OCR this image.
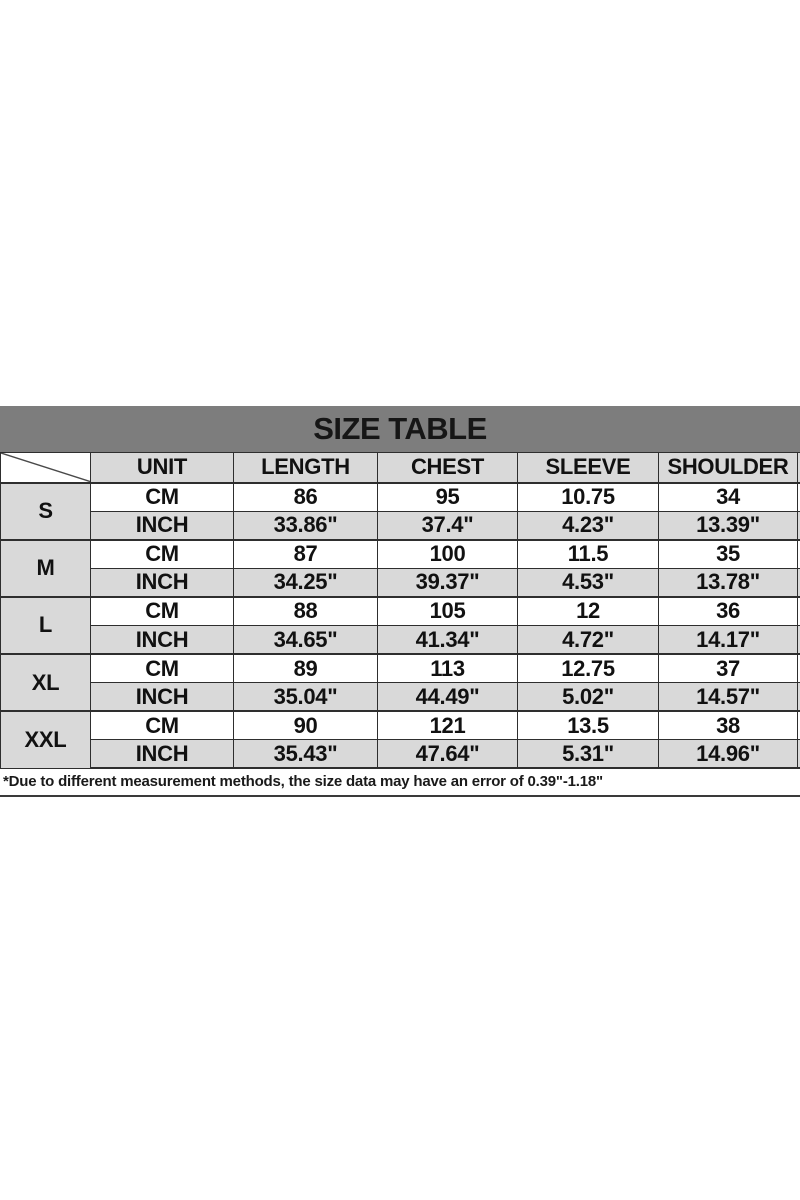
SIZE TABLE
	UNIT	LENGTH	CHEST	SLEEVE	SHOULDER	
S	CM	86	95	10.75	34	
	INCH	33.86"	37.4"	4.23"	13.39"	
M	CM	87	100	11.5	35	
	INCH	34.25"	39.37"	4.53"	13.78"	
L	CM	88	105	12	36	
	INCH	34.65"	41.34"	4.72"	14.17"	
XL	CM	89	113	12.75	37	
	INCH	35.04"	44.49"	5.02"	14.57"	
XXL	CM	90	121	13.5	38	
	INCH	35.43"	47.64"	5.31"	14.96"	
*Due to different measurement methods, the size data may have an error of 0.39"-1.18"
